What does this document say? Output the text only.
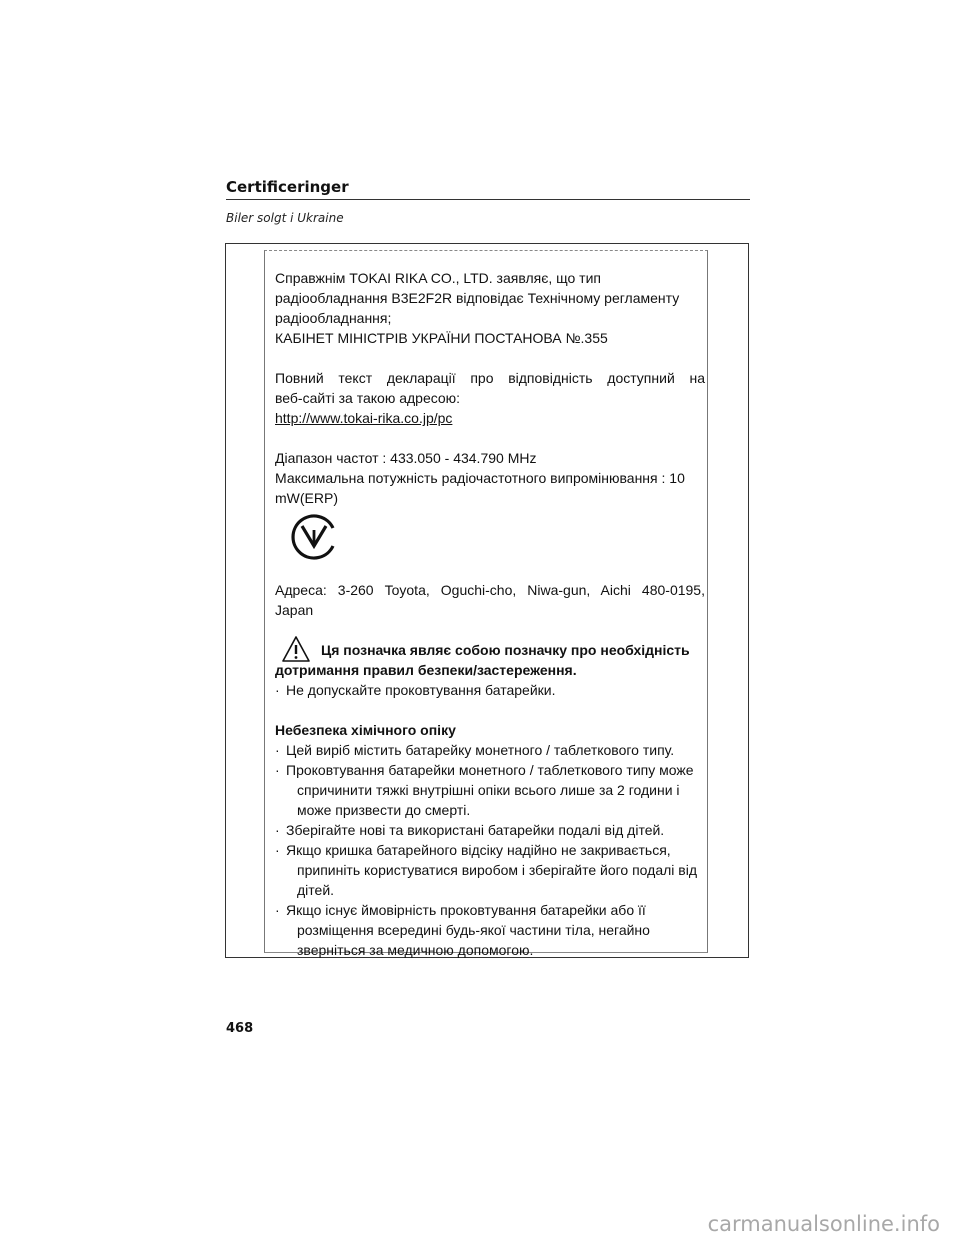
Certificeringer
Biler solgt i Ukraine

Справжнім TOKAI RIKA CO., LTD. заявляє, що тип

радіообладнання B3E2F2R відповідає Технічному регламенту

радіообладнання;

КАБІНЕТ МІНІСТРІВ УКРАЇНИ ПОСТАНОВА №.355

Повний текст декларації про відповідність доступний на

веб-сайті за такою адресою:

http://www.tokai-rika.co.jp/pc

Діапазон частот : 433.050 - 434.790 MHz

Максимальна потужність радіочастотного випромінювання : 10

mW(ERP)

Адреса: 3-260 Toyota, Oguchi-cho, Niwa-gun, Aichi 480-0195,

Japan

Ця позначка являє собою позначку про необхідність

дотримання правил безпеки/застереження.

· Не допускайте проковтування батарейки.

Небезпека хімічного опіку

· Цей виріб містить батарейку монетного / таблеткового типу.

· Проковтування батарейки монетного / таблеткового типу може
спричинити тяжкі внутрішні опіки всього лише за 2 години і
може призвести до смерті.

· Зберігайте нові та використані батарейки подалі від дітей.

· Якщо кришка батарейного відсіку надійно не закривається,
припиніть користуватися виробом і зберігайте його подалі від
дітей.

· Якщо існує ймовірність проковтування батарейки або її
розміщення всередині будь-якої частини тіла, негайно
зверніться за медичною допомогою.

468
carmanualsonline.info
